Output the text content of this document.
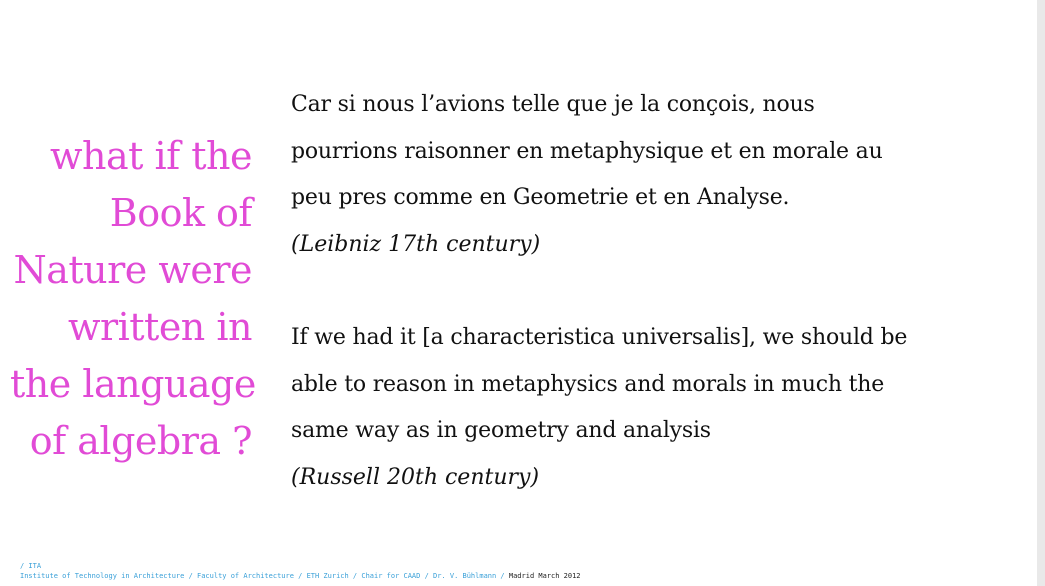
what if the
Book of
Nature were
written in
the language
of algebra ?
Car si nous l’avions telle que je la conçois, nous
pourrions raisonner en metaphysique et en morale au
peu pres comme en Geometrie et en Analyse.
(Leibniz 17th century)
If we had it [a characteristica universalis], we should be
able to reason in metaphysics and morals in much the
same way as in geometry and analysis
(Russell 20th century)
/ ITA
Institute of Technology in Architecture / Faculty of Architecture / ETH Zurich / Chair for CAAD / Dr. V. Bühlmann / Madrid March 2012
